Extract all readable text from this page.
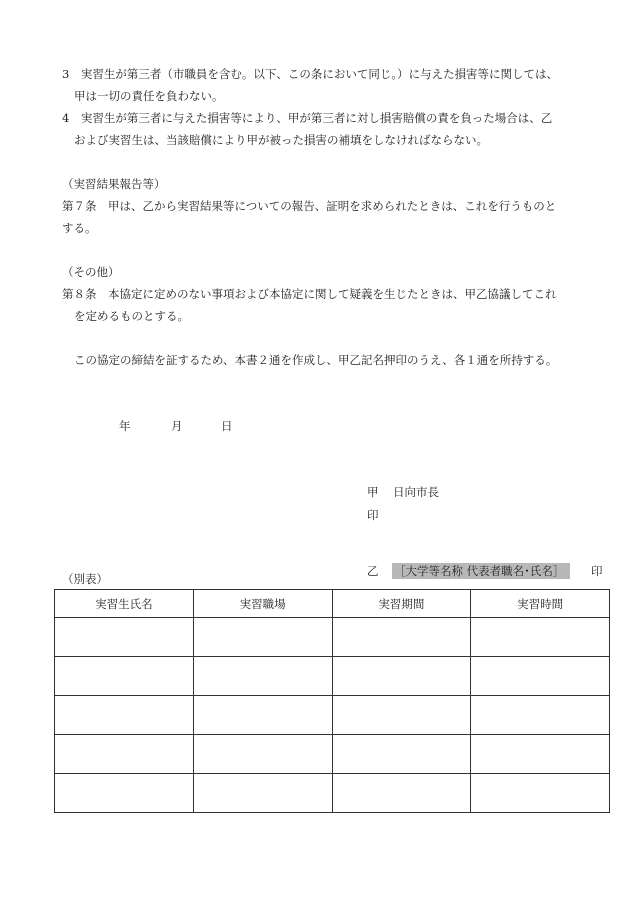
3　実習生が第三者（市職員を含む。以下、この条において同じ。）に与えた損害等に関しては、
甲は一切の責任を負わない。
4　実習生が第三者に与えた損害等により、甲が第三者に対し損害賠償の責を負った場合は、乙
および実習生は、当該賠償により甲が被った損害の補填をしなければならない。
（実習結果報告等）
第７条　甲は、乙から実習結果等についての報告、証明を求められたときは、これを行うものと
する。
（その他）
第８条　本協定に定めのない事項および本協定に関して疑義を生じたときは、甲乙協議してこれ
を定めるものとする。
この協定の締結を証するため、本書２通を作成し、甲乙記名押印のうえ、各１通を所持する。
年	月	日
甲 日向市長
印
乙 ［大学等名称 代表者職名･氏名］	印
（別表）
実習生氏名	実習職場	実習期間	実習時間
